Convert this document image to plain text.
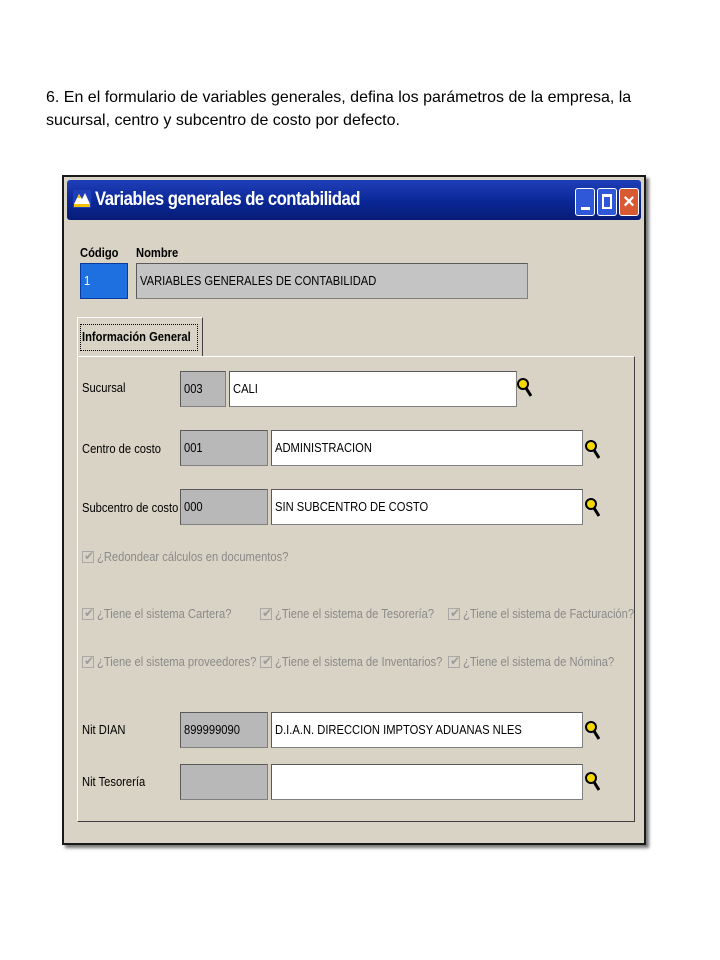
6. En el formulario de variables generales, defina los parámetros de la empresa, la sucursal, centro y subcentro de costo por defecto.
Variables generales de contabilidad	×
Código Nombre
1	VARIABLES GENERALES DE CONTABILIDAD
Información General
Sucursal	003	CALI
Centro de costo	001	ADMINISTRACION
Subcentro de costo 000	SIN SUBCENTRO DE COSTO
✔ ¿Redondear cálculos en documentos?
✔ ¿Tiene el sistema Cartera?	✔ ¿Tiene el sistema de Tesorería? ✔ ¿Tiene el sistema de Facturación?
✔ ¿Tiene el sistema proveedores? ✔ ¿Tiene el sistema de Inventarios? ✔ ¿Tiene el sistema de Nómina?
Nit DIAN	899999090	D.I.A.N. DIRECCION IMPTOSY ADUANAS NLES
Nit Tesorería
